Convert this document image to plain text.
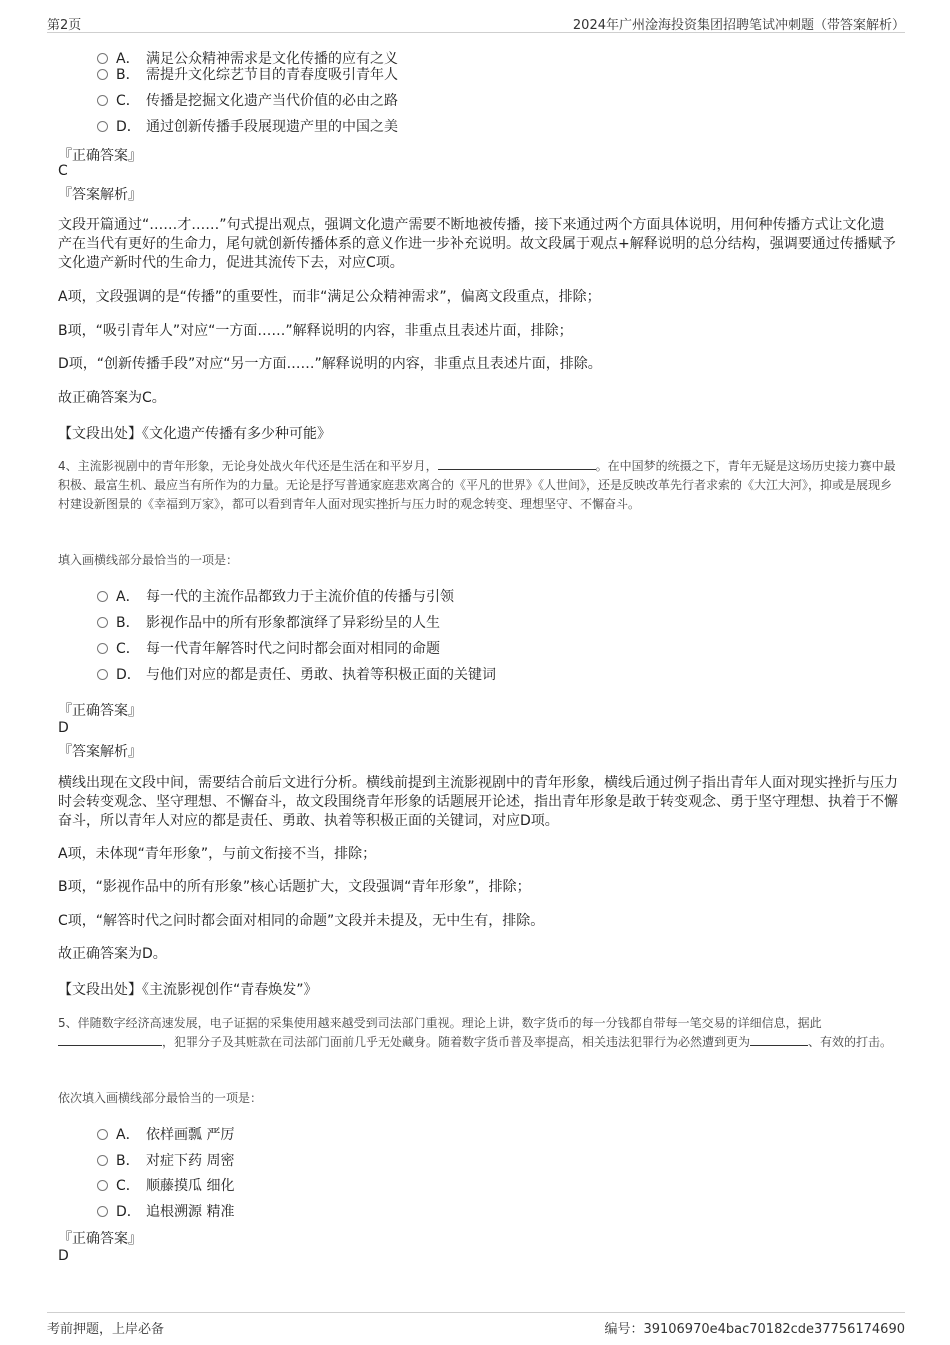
第2页	2024年广州淦海投资集团招聘笔试冲刺题（带答案解析）
A． 满足公众精神需求是文化传播的应有之义
B． 需提升文化综艺节目的青春度吸引青年人
C． 传播是挖掘文化遗产当代价值的必由之路
D． 通过创新传播手段展现遗产里的中国之美
『正确答案』
C
『答案解析』
文段开篇通过“……才……”句式提出观点，强调文化遗产需要不断地被传播，接下来通过两个方面具体说明，用何种传播方式让文化遗产在当代有更好的生命力，尾句就创新传播体系的意义作进一步补充说明。故文段属于观点+解释说明的总分结构，强调要通过传播赋予文化遗产新时代的生命力，促进其流传下去，对应C项。
A项，文段强调的是“传播”的重要性，而非“满足公众精神需求”，偏离文段重点，排除；
B项，“吸引青年人”对应“一方面……”解释说明的内容，非重点且表述片面，排除；
D项，“创新传播手段”对应“另一方面……”解释说明的内容，非重点且表述片面，排除。
故正确答案为C。
【文段出处】《文化遗产传播有多少种可能》
4、主流影视剧中的青年形象，无论身处战火年代还是生活在和平岁月，	。在中国梦的统摄之下，青年无疑是这场历史接力赛中最积极、最富生机、最应当有所作为的力量。无论是抒写普通家庭悲欢离合的《平凡的世界》《人世间》，还是反映改革先行者求索的《大江大河》，抑或是展现乡村建设新图景的《幸福到万家》，都可以看到青年人面对现实挫折与压力时的观念转变、理想坚守、不懈奋斗。
填入画横线部分最恰当的一项是：
A． 每一代的主流作品都致力于主流价值的传播与引领
B． 影视作品中的所有形象都演绎了异彩纷呈的人生
C． 每一代青年解答时代之问时都会面对相同的命题
D． 与他们对应的都是责任、勇敢、执着等积极正面的关键词
『正确答案』
D
『答案解析』
横线出现在文段中间，需要结合前后文进行分析。横线前提到主流影视剧中的青年形象，横线后通过例子指出青年人面对现实挫折与压力时会转变观念、坚守理想、不懈奋斗，故文段围绕青年形象的话题展开论述，指出青年形象是敢于转变观念、勇于坚守理想、执着于不懈奋斗，所以青年人对应的都是责任、勇敢、执着等积极正面的关键词，对应D项。
A项，未体现“青年形象”，与前文衔接不当，排除；
B项，“影视作品中的所有形象”核心话题扩大，文段强调“青年形象”，排除；
C项，“解答时代之问时都会面对相同的命题”文段并未提及，无中生有，排除。
故正确答案为D。
【文段出处】《主流影视创作“青春焕发”》
5、伴随数字经济高速发展，电子证据的采集使用越来越受到司法部门重视。理论上讲，数字货币的每一分钱都自带每一笔交易的详细信息，据此，犯罪分子及其赃款在司法部门面前几乎无处藏身。随着数字货币普及率提高，相关违法犯罪行为必然遭到更为	、有效的打击。
依次填入画横线部分最恰当的一项是：
A． 依样画瓢 严厉
B． 对症下药 周密
C． 顺藤摸瓜 细化
D． 追根溯源 精准
『正确答案』
D
考前押题，上岸必备	编号：39106970e4bac70182cde37756174690
